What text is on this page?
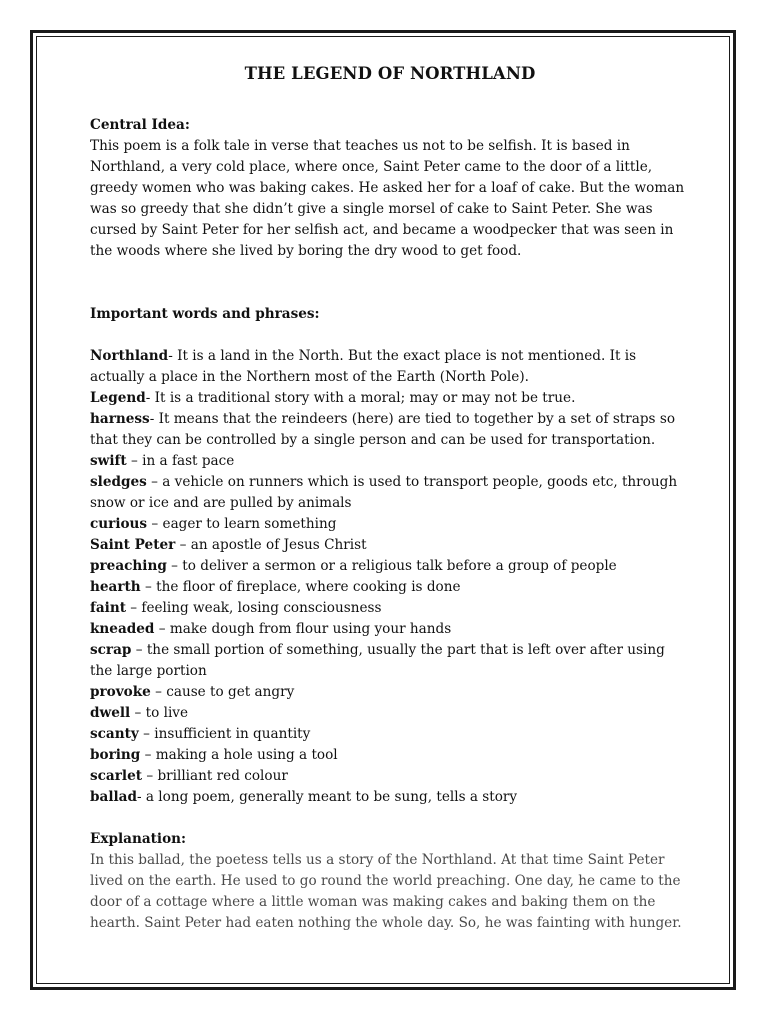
THE LEGEND OF NORTHLAND

Central Idea:

This poem is a folk tale in verse that teaches us not to be selfish. It is based in Northland, a very cold place, where once, Saint Peter came to the door of a little, greedy women who was baking cakes. He asked her for a loaf of cake. But the woman was so greedy that she didn’t give a single morsel of cake to Saint Peter. She was cursed by Saint Peter for her selfish act, and became a woodpecker that was seen in the woods where she lived by boring the dry wood to get food.

Important words and phrases:

Northland- It is a land in the North. But the exact place is not mentioned. It is actually a place in the Northern most of the Earth (North Pole).

Legend- It is a traditional story with a moral; may or may not be true.

harness- It means that the reindeers (here) are tied to together by a set of straps so that they can be controlled by a single person and can be used for transportation.

swift – in a fast pace

sledges – a vehicle on runners which is used to transport people, goods etc, through snow or ice and are pulled by animals

curious – eager to learn something

Saint Peter – an apostle of Jesus Christ

preaching – to deliver a sermon or a religious talk before a group of people

hearth – the floor of fireplace, where cooking is done

faint – feeling weak, losing consciousness

kneaded – make dough from flour using your hands

scrap – the small portion of something, usually the part that is left over after using the large portion

provoke – cause to get angry

dwell – to live

scanty – insufficient in quantity

boring – making a hole using a tool

scarlet – brilliant red colour

ballad- a long poem, generally meant to be sung, tells a story

Explanation:

In this ballad, the poetess tells us a story of the Northland. At that time Saint Peter lived on the earth. He used to go round the world preaching. One day, he came to the door of a cottage where a little woman was making cakes and baking them on the hearth. Saint Peter had eaten nothing the whole day. So, he was fainting with hunger.
